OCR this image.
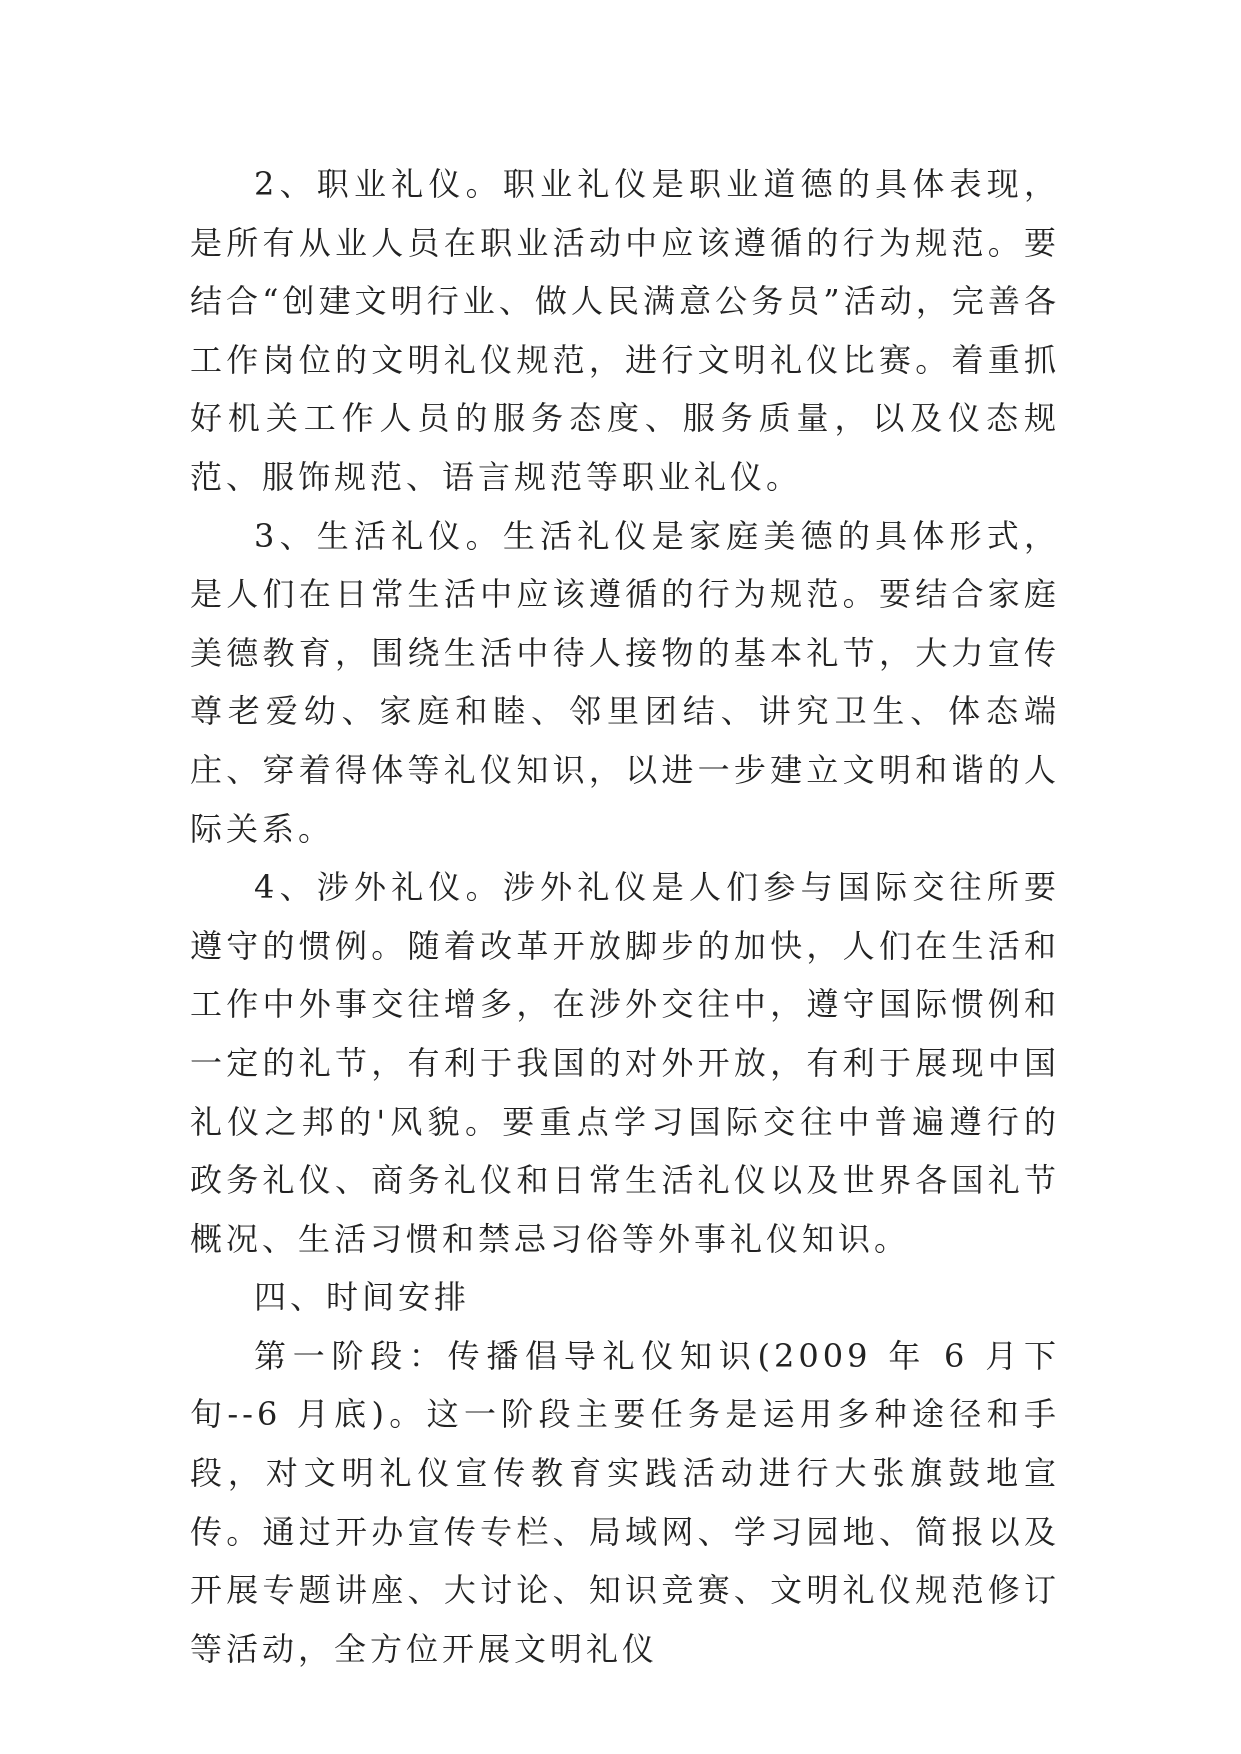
2、职业礼仪。职业礼仪是职业道德的具体表现，是所有从业人员在职业活动中应该遵循的行为规范。要结合“创建文明行业、做人民满意公务员”活动，完善各工作岗位的文明礼仪规范，进行文明礼仪比赛。着重抓好机关工作人员的服务态度、服务质量，以及仪态规范、服饰规范、语言规范等职业礼仪。

3、生活礼仪。生活礼仪是家庭美德的具体形式，是人们在日常生活中应该遵循的行为规范。要结合家庭美德教育，围绕生活中待人接物的基本礼节，大力宣传尊老爱幼、家庭和睦、邻里团结、讲究卫生、体态端庄、穿着得体等礼仪知识，以进一步建立文明和谐的人际关系。

4、涉外礼仪。涉外礼仪是人们参与国际交往所要遵守的惯例。随着改革开放脚步的加快，人们在生活和工作中外事交往增多，在涉外交往中，遵守国际惯例和一定的礼节，有利于我国的对外开放，有利于展现中国礼仪之邦的'风貌。要重点学习国际交往中普遍遵行的政务礼仪、商务礼仪和日常生活礼仪以及世界各国礼节概况、生活习惯和禁忌习俗等外事礼仪知识。

四、时间安排

第一阶段：传播倡导礼仪知识(2009 年 6 月下旬--6 月底)。这一阶段主要任务是运用多种途径和手段，对文明礼仪宣传教育实践活动进行大张旗鼓地宣传。通过开办宣传专栏、局域网、学习园地、简报以及开展专题讲座、大讨论、知识竞赛、文明礼仪规范修订等活动，全方位开展文明礼仪
